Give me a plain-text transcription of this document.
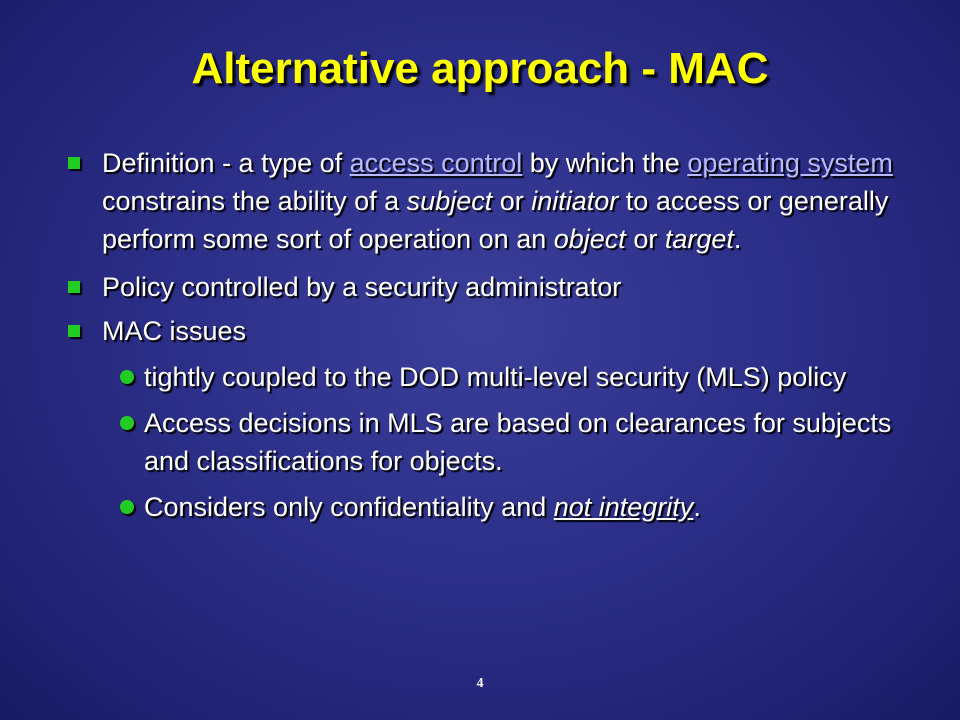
Alternative approach - MAC
Definition - a type of access control by which the operating system constrains the ability of a subject or initiator to access or generally perform some sort of operation on an object or target.
Policy controlled by a security administrator
MAC issues
tightly coupled to the DOD multi-level security (MLS) policy
Access decisions in MLS are based on clearances for subjects and classifications for objects.
Considers only confidentiality and not integrity.
4
